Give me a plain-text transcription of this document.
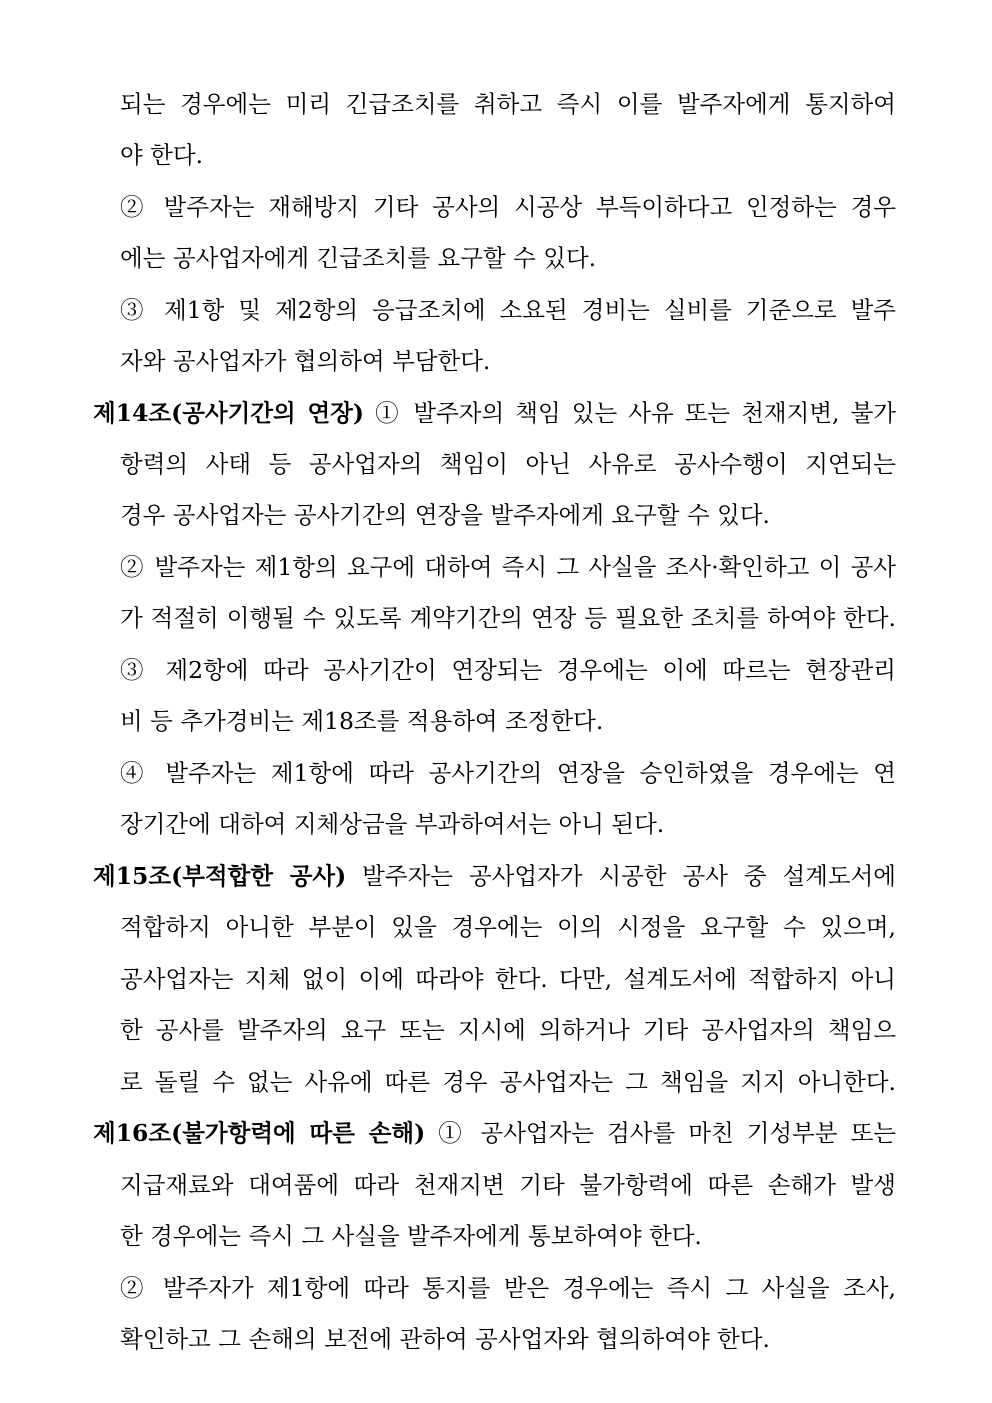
되는 경우에는 미리 긴급조치를 취하고 즉시 이를 발주자에게 통지하여
야 한다.
② 발주자는 재해방지 기타 공사의 시공상 부득이하다고 인정하는 경우
에는 공사업자에게 긴급조치를 요구할 수 있다.
③ 제1항 및 제2항의 응급조치에 소요된 경비는 실비를 기준으로 발주
자와 공사업자가 협의하여 부담한다.
제14조(공사기간의 연장) ① 발주자의 책임 있는 사유 또는 천재지변, 불가
항력의 사태 등 공사업자의 책임이 아닌 사유로 공사수행이 지연되는
경우 공사업자는 공사기간의 연장을 발주자에게 요구할 수 있다.
② 발주자는 제1항의 요구에 대하여 즉시 그 사실을 조사·확인하고 이 공사
가 적절히 이행될 수 있도록 계약기간의 연장 등 필요한 조치를 하여야 한다.
③ 제2항에 따라 공사기간이 연장되는 경우에는 이에 따르는 현장관리
비 등 추가경비는 제18조를 적용하여 조정한다.
④ 발주자는 제1항에 따라 공사기간의 연장을 승인하였을 경우에는 연
장기간에 대하여 지체상금을 부과하여서는 아니 된다.
제15조(부적합한 공사) 발주자는 공사업자가 시공한 공사 중 설계도서에
적합하지 아니한 부분이 있을 경우에는 이의 시정을 요구할 수 있으며,
공사업자는 지체 없이 이에 따라야 한다. 다만, 설계도서에 적합하지 아니
한 공사를 발주자의 요구 또는 지시에 의하거나 기타 공사업자의 책임으
로 돌릴 수 없는 사유에 따른 경우 공사업자는 그 책임을 지지 아니한다.
제16조(불가항력에 따른 손해) ① 공사업자는 검사를 마친 기성부분 또는
지급재료와 대여품에 따라 천재지변 기타 불가항력에 따른 손해가 발생
한 경우에는 즉시 그 사실을 발주자에게 통보하여야 한다.
② 발주자가 제1항에 따라 통지를 받은 경우에는 즉시 그 사실을 조사,
확인하고 그 손해의 보전에 관하여 공사업자와 협의하여야 한다.
